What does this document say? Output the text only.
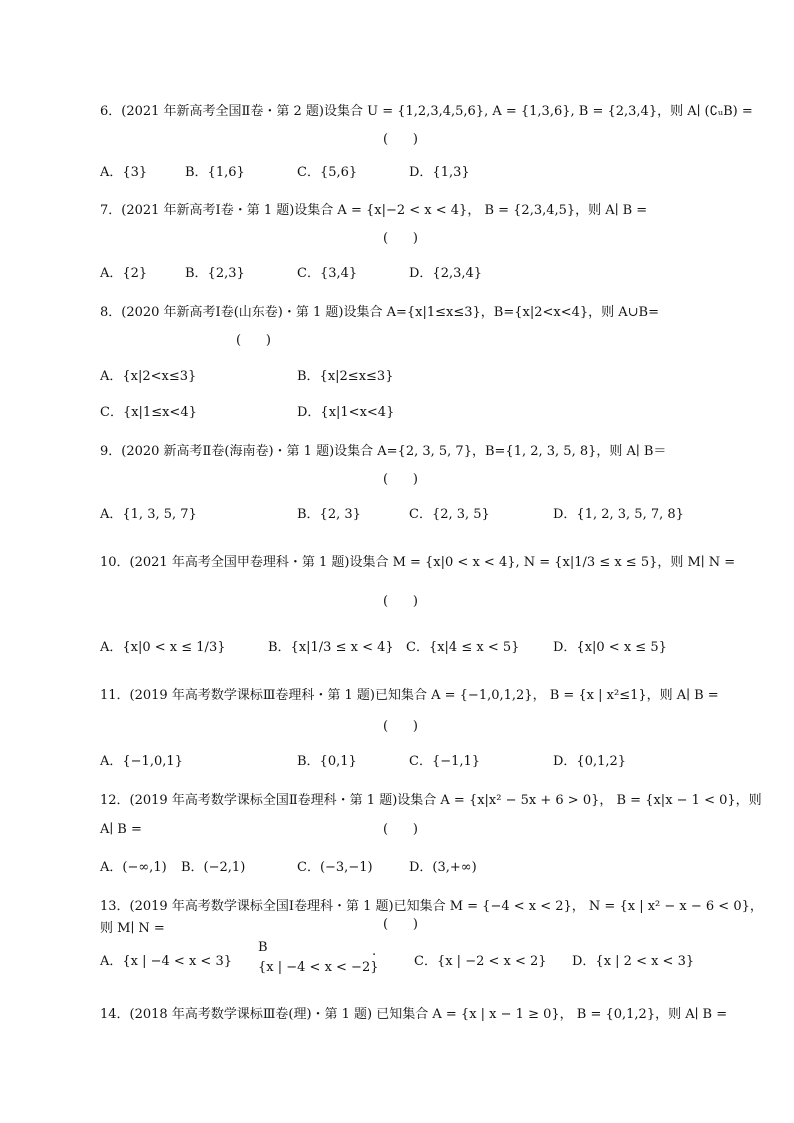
6．(2021 年新高考全国Ⅱ卷・第 2 题)设集合 U = {1,2,3,4,5,6}, A = {1,3,6}, B = {2,3,4}，则 A∣ (∁ᵤB) =
(      )
A．{3}	B．{1,6}	C．{5,6}	D．{1,3}
7．(2021 年新高考Ⅰ卷・第 1 题)设集合 A = {x|−2 < x < 4}， B = {2,3,4,5}，则 A∣ B =
(      )
A．{2}	B．{2,3}	C．{3,4}	D．{2,3,4}
8．(2020 年新高考Ⅰ卷(山东卷)・第 1 题)设集合 A={x|1≤x≤3}，B={x|2<x<4}，则 A∪B=
(      )
A．{x|2<x≤3}	B．{x|2≤x≤3}
C．{x|1≤x<4}	D．{x|1<x<4}
9．(2020 新高考Ⅱ卷(海南卷)・第 1 题)设集合 A={2, 3, 5, 7}，B={1, 2, 3, 5, 8}，则 A∣ B＝
(      )
A．{1, 3, 5, 7}	B．{2, 3}	C．{2, 3, 5}	D．{1, 2, 3, 5, 7, 8}
10．(2021 年高考全国甲卷理科・第 1 题)设集合 M = {x|0 < x < 4}, N = {x|1/3 ≤ x ≤ 5}，则 M∣ N =
(      )
A．{x|0 < x ≤ 1/3}	B．{x|1/3 ≤ x < 4} C．{x|4 ≤ x < 5}	D．{x|0 < x ≤ 5}
11．(2019 年高考数学课标Ⅲ卷理科・第 1 题)已知集合 A = {−1,0,1,2}， B = {x | x²≤1}，则 A∣ B =
(      )
A．{−1,0,1}	B．{0,1}	C．{−1,1}	D．{0,1,2}
12．(2019 年高考数学课标全国Ⅱ卷理科・第 1 题)设集合 A = {x|x² − 5x + 6 > 0}， B = {x|x − 1 < 0}，则
A∣ B =	(      )
A．(−∞,1) B．(−2,1)	C．(−3,−1)	D．(3,+∞)
13．(2019 年高考数学课标全国Ⅰ卷理科・第 1 题)已知集合 M = {−4 < x < 2}， N = {x | x² − x − 6 < 0}，
则 M∣ N =	(      )
A．{x | −4 < x < 3}
B
{x | −4 < x < −2}
.
C．{x | −2 < x < 2} D．{x | 2 < x < 3}
14．(2018 年高考数学课标Ⅲ卷(理)・第 1 题) 已知集合 A = {x | x − 1 ≥ 0}， B = {0,1,2}，则 A∣ B =
